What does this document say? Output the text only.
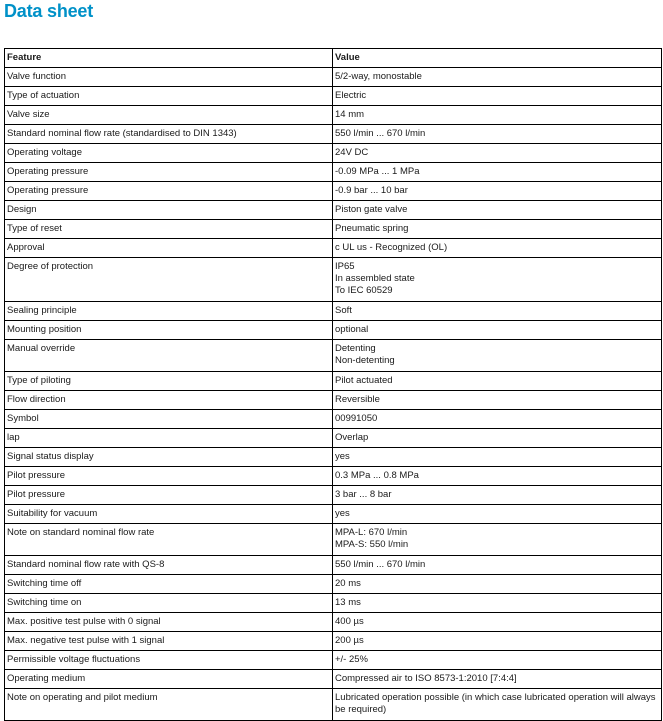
Data sheet
Feature	Value
Valve function	5/2-way, monostable

Type of actuation	Electric

Valve size	14 mm

Standard nominal flow rate (standardised to DIN 1343)	550 l/min ... 670 l/min

Operating voltage	24V DC

Operating pressure	-0.09 MPa ... 1 MPa

Operating pressure	-0.9 bar ... 10 bar

Design	Piston gate valve

Type of reset	Pneumatic spring

Approval	c UL us - Recognized (OL)

Degree of protection	IP65
In assembled state
To IEC 60529

Sealing principle	Soft

Mounting position	optional

Manual override	Detenting
Non-detenting

Type of piloting	Pilot actuated

Flow direction	Reversible

Symbol	00991050

lap	Overlap

Signal status display	yes

Pilot pressure	0.3 MPa ... 0.8 MPa

Pilot pressure	3 bar ... 8 bar

Suitability for vacuum	yes

Note on standard nominal flow rate	MPA-L: 670 l/min
MPA-S: 550 l/min

Standard nominal flow rate with QS-8	550 l/min ... 670 l/min

Switching time off	20 ms

Switching time on	13 ms

Max. positive test pulse with 0 signal	400 µs

Max. negative test pulse with 1 signal	200 µs

Permissible voltage fluctuations	+/- 25%

Operating medium	Compressed air to ISO 8573-1:2010 [7:4:4]

Note on operating and pilot medium	Lubricated operation possible (in which case lubricated operation will always be required)
